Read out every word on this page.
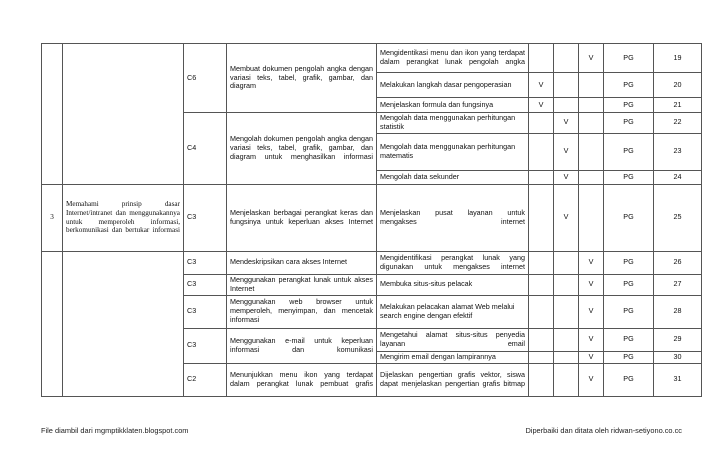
		C6	Membuat dokumen pengolah angka dengan variasi teks, tabel, grafik, gambar, dan diagram	Mengidentikasi menu dan ikon yang terdapat dalam perangkat lunak pengolah angka			V	PG	19
				Melakukan langkah dasar pengoperasian	V			PG	20
				Menjelaskan formula dan fungsinya	V			PG	21
		C4	Mengolah dokumen pengolah angka dengan variasi teks, tabel, grafik, gambar, dan diagram untuk menghasilkan informasi	Mengolah data menggunakan perhitungan statistik		V		PG	22
				Mengolah data menggunakan perhitungan matematis		V		PG	23
				Mengolah data sekunder		V		PG	24
3	Memahami prinsip dasar Internet/intranet dan menggunakannya untuk memperoleh informasi, berkomunikasi dan bertukar informasi	C3	Menjelaskan berbagai perangkat keras dan fungsinya untuk keperluan akses Internet	Menjelaskan pusat layanan untuk mengakses internet		V		PG	25
		C3	Mendeskripsikan cara akses Internet	Mengidentifikasi perangkat lunak yang digunakan untuk mengakses internet			V	PG	26
		C3	Menggunakan perangkat lunak untuk akses Internet	Membuka situs-situs pelacak			V	PG	27
		C3	Menggunakan web browser untuk memperoleh, menyimpan, dan mencetak informasi	Melakukan pelacakan alamat Web melalui search engine dengan efektif			V	PG	28
		C3	Menggunakan e-mail untuk keperluan informasi dan komunikasi	Mengetahui alamat situs-situs penyedia layanan email			V	PG	29
				Mengirim email dengan lampirannya			V	PG	30
		C2	Menunjukkan menu ikon yang terdapat dalam perangkat lunak pembuat grafis	Dijelaskan pengertian grafis vektor, siswa dapat menjelaskan pengertian grafis bitmap			V	PG	31
File diambil dari mgmptikklaten.blogspot.com	Diperbaiki dan ditata oleh ridwan-setiyono.co.cc
